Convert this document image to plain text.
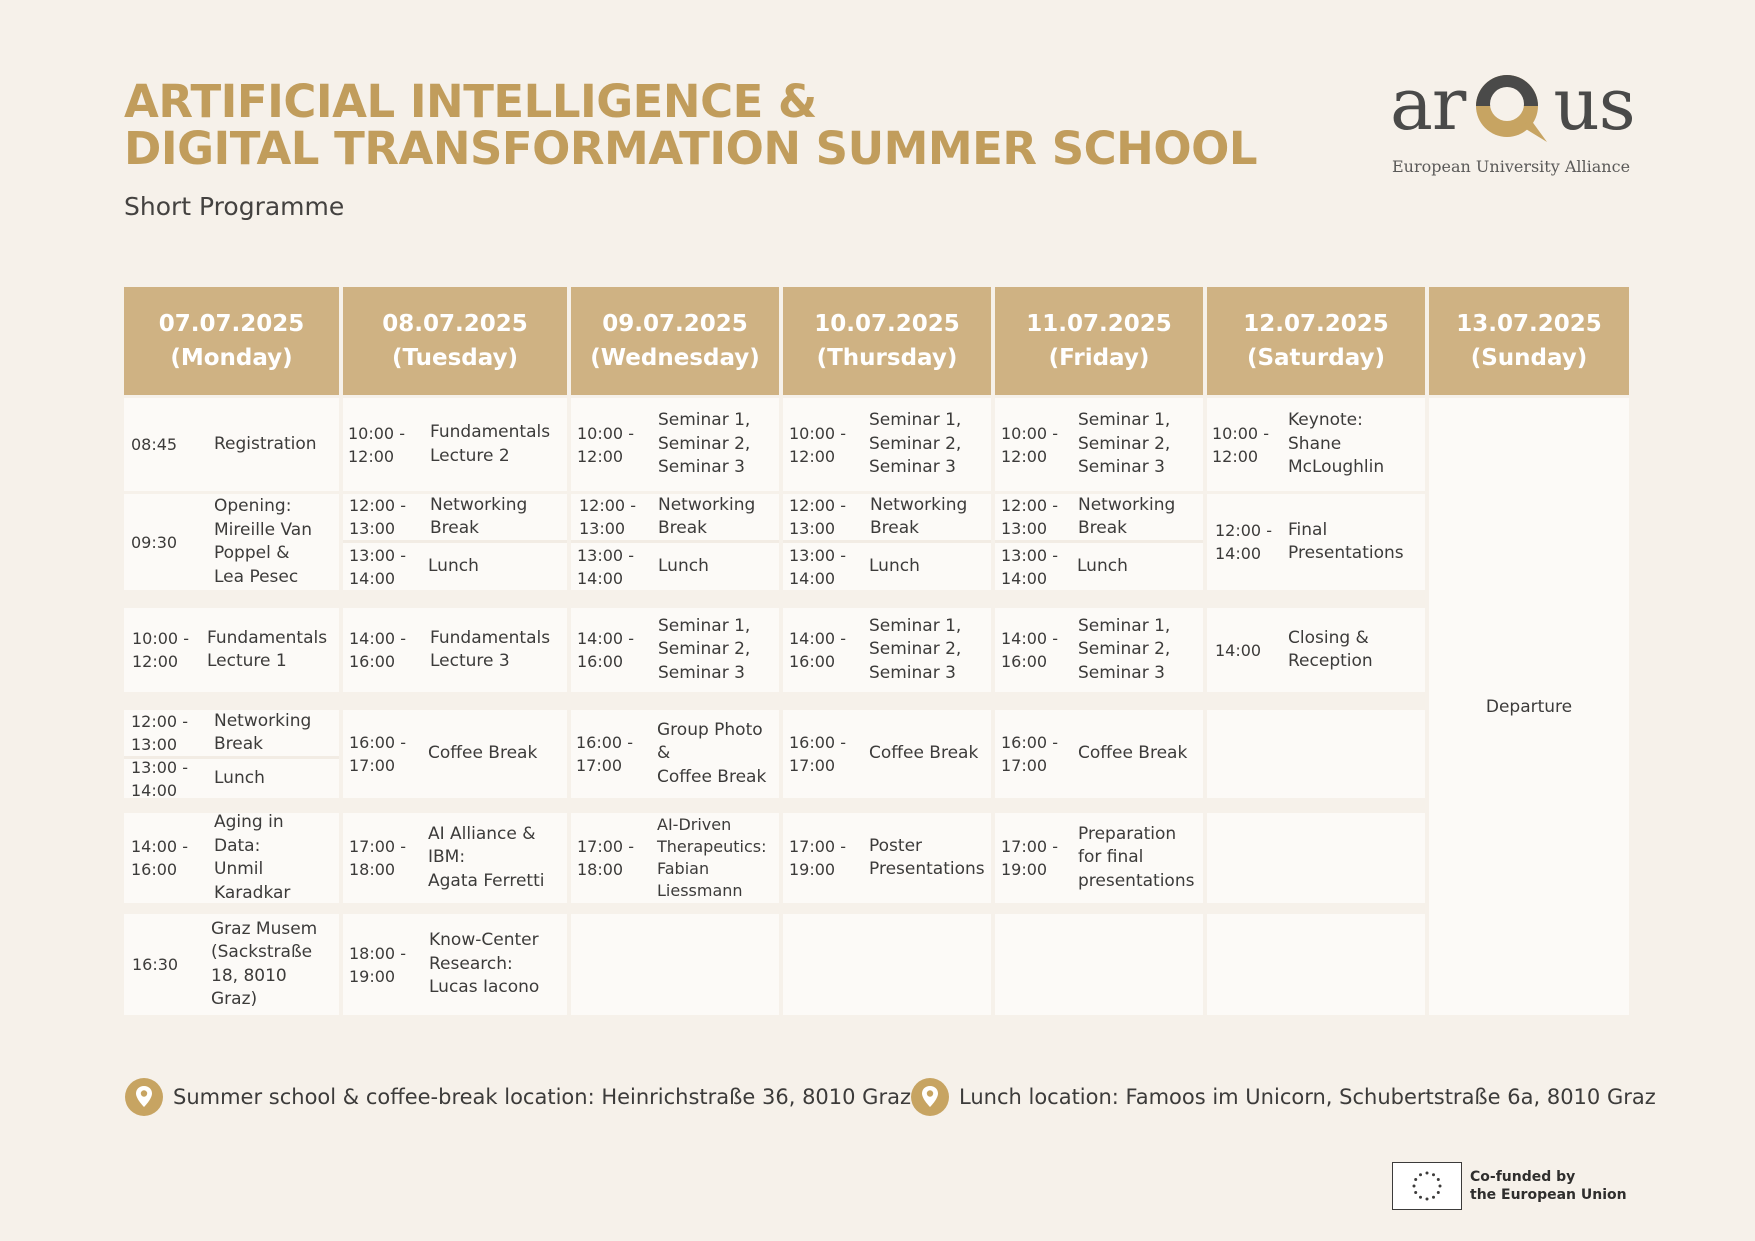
ARTIFICIAL INTELLIGENCE &
DIGITAL TRANSFORMATION SUMMER SCHOOL
Short Programme
ar us
European University Alliance
07.07.2025
(Monday)
08:45 Registration
09:30
Opening:
Mireille Van
Poppel &
Lea Pesec
10:00 -
12:00
Fundamentals
Lecture 1
12:00 -
13:00
Networking
Break
13:00 -
14:00
Lunch
14:00 -
16:00
Aging in
Data:
Unmil
Karadkar
16:30
Graz Musem
(Sackstraße
18, 8010
Graz)
08.07.2025
(Tuesday)
10:00 -
12:00
Fundamentals
Lecture 2
12:00 -
13:00
Networking
Break
13:00 -
14:00
Lunch
14:00 -
16:00
Fundamentals
Lecture 3
16:00 -
17:00
Coffee Break
17:00 -
18:00
AI Alliance &
IBM:
Agata Ferretti
18:00 -
19:00
Know-Center
Research:
Lucas Iacono
09.07.2025
(Wednesday)
10:00 -
12:00
Seminar 1,
Seminar 2,
Seminar 3
12:00 -
13:00
Networking
Break
13:00 -
14:00
Lunch
14:00 -
16:00
Seminar 1,
Seminar 2,
Seminar 3
16:00 -
17:00
Group Photo
&
Coffee Break
17:00 -
18:00
AI-Driven
Therapeutics:
Fabian
Liessmann
10.07.2025
(Thursday)
10:00 -
12:00
Seminar 1,
Seminar 2,
Seminar 3
12:00 -
13:00
Networking
Break
13:00 -
14:00
Lunch
14:00 -
16:00
Seminar 1,
Seminar 2,
Seminar 3
16:00 -
17:00
Coffee Break
17:00 -
19:00
Poster
Presentations
11.07.2025
(Friday)
10:00 -
12:00
Seminar 1,
Seminar 2,
Seminar 3
12:00 -
13:00
Networking
Break
13:00 -
14:00
Lunch
14:00 -
16:00
Seminar 1,
Seminar 2,
Seminar 3
16:00 -
17:00
Coffee Break
17:00 -
19:00
Preparation
for final
presentations
12.07.2025
(Saturday)
10:00 -
12:00
Keynote:
Shane
McLoughlin
12:00 -
14:00
Final
Presentations
14:00
Closing &
Reception
13.07.2025
(Sunday)
Departure
Summer school & coffee-break location: Heinrichstraße 36, 8010 Graz Lunch location: Famoos im Unicorn, Schubertstraße 6a, 8010 Graz
Co-funded by
the European Union
